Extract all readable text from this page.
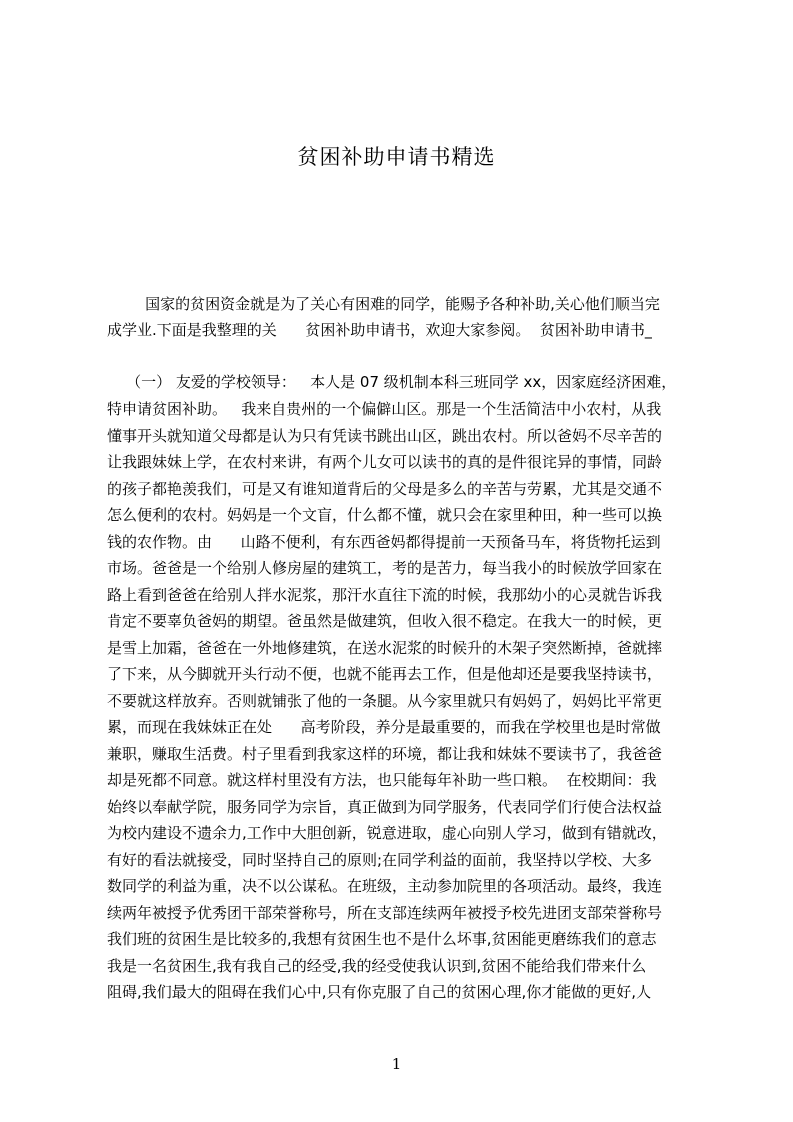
贫困补助申请书精选

国家的贫困资金就是为了关心有困难的同学，能赐予各种补助,关心他们顺当完

成学业.下面是我整理的关      贫困补助申请书，欢迎大家参阅。  贫困补助申请书_

（一） 友爱的学校领导：   本人是 07 级机制本科三班同学 xx，因家庭经济困难，

特申请贫困补助。   我来自贵州的一个偏僻山区。那是一个生活简洁中小农村，从我

懂事开头就知道父母都是认为只有凭读书跳出山区，跳出农村。所以爸妈不尽辛苦的

让我跟妹妹上学，在农村来讲，有两个儿女可以读书的真的是件很诧异的事情，同龄

的孩子都艳羡我们，可是又有谁知道背后的父母是多么的辛苦与劳累，尤其是交通不

怎么便利的农村。妈妈是一个文盲，什么都不懂，就只会在家里种田，种一些可以换

钱的农作物。由      山路不便利，有东西爸妈都得提前一天预备马车，将货物托运到

市场。爸爸是一个给别人修房屋的建筑工，考的是苦力，每当我小的时候放学回家在

路上看到爸爸在给别人拌水泥浆，那汗水直往下流的时候，我那幼小的心灵就告诉我

肯定不要辜负爸妈的期望。爸虽然是做建筑，但收入很不稳定。在我大一的时候，更

是雪上加霜，爸爸在一外地修建筑，在送水泥浆的时候升的木架子突然断掉，爸就摔

了下来，从今脚就开头行动不便，也就不能再去工作，但是他却还是要我坚持读书，

不要就这样放弃。否则就铺张了他的一条腿。从今家里就只有妈妈了，妈妈比平常更

累，而现在我妹妹正在处      高考阶段，养分是最重要的，而我在学校里也是时常做

兼职，赚取生活费。村子里看到我家这样的环境，都让我和妹妹不要读书了，我爸爸

却是死都不同意。就这样村里没有方法，也只能每年补助一些口粮。  在校期间：我

始终以奉献学院，服务同学为宗旨，真正做到为同学服务，代表同学们行使合法权益

为校内建设不遗余力,工作中大胆创新，锐意进取，虚心向别人学习，做到有错就改，

有好的看法就接受，同时坚持自己的原则;在同学利益的面前，我坚持以学校、大多

数同学的利益为重，决不以公谋私。在班级，主动参加院里的各项活动。最终，我连

续两年被授予优秀团干部荣誉称号，所在支部连续两年被授予校先进团支部荣誉称号

我们班的贫困生是比较多的,我想有贫困生也不是什么坏事,贫困能更磨练我们的意志

我是一名贫困生,我有我自己的经受,我的经受使我认识到,贫困不能给我们带来什么

阻碍,我们最大的阻碍在我们心中,只有你克服了自己的贫困心理,你才能做的更好,人

1
